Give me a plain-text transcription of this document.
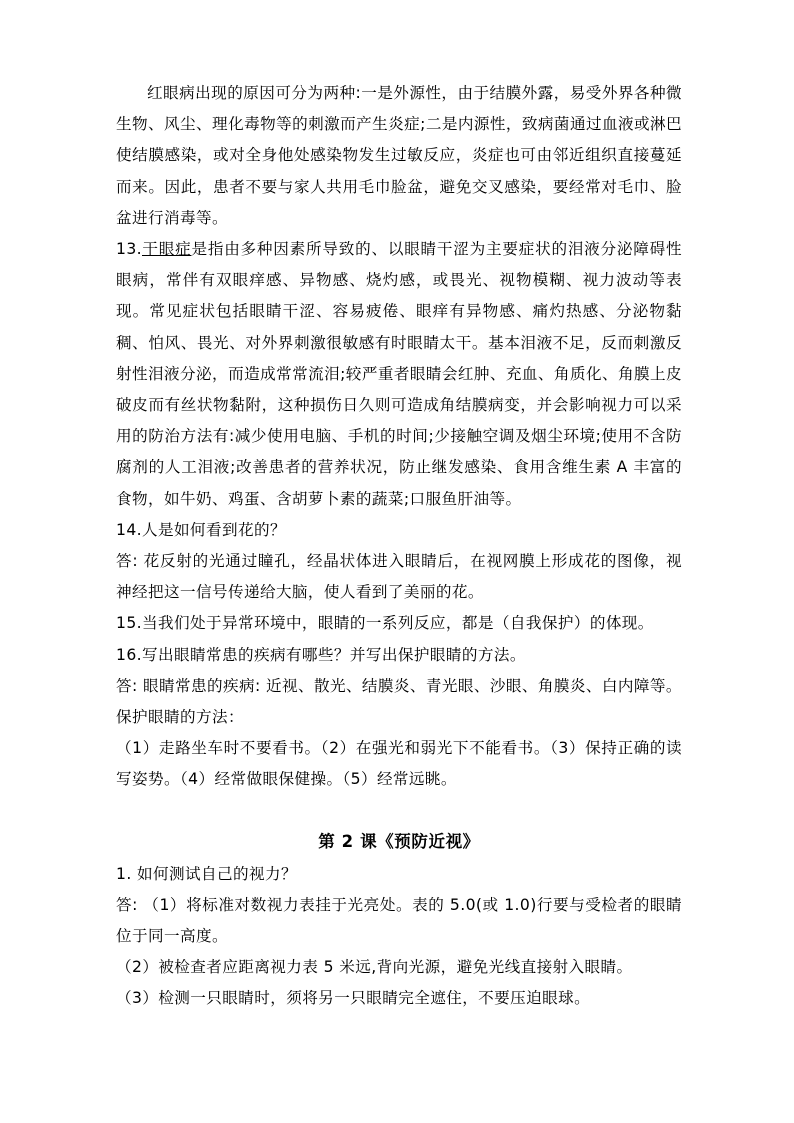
红眼病出现的原因可分为两种:一是外源性，由于结膜外露，易受外界各种微生物、风尘、理化毒物等的刺激而产生炎症;二是内源性，致病菌通过血液或淋巴使结膜感染，或对全身他处感染物发生过敏反应，炎症也可由邻近组织直接蔓延而来。因此，患者不要与家人共用毛巾脸盆，避免交叉感染，要经常对毛巾、脸盆进行消毒等。

13.干眼症是指由多种因素所导致的、以眼睛干涩为主要症状的泪液分泌障碍性眼病，常伴有双眼痒感、异物感、烧灼感，或畏光、视物模糊、视力波动等表现。常见症状包括眼睛干涩、容易疲倦、眼痒有异物感、痛灼热感、分泌物黏稠、怕风、畏光、对外界刺激很敏感有时眼睛太干。基本泪液不足，反而刺激反射性泪液分泌，而造成常常流泪;较严重者眼睛会红肿、充血、角质化、角膜上皮破皮而有丝状物黏附，这种损伤日久则可造成角结膜病变，并会影响视力可以采用的防治方法有:减少使用电脑、手机的时间;少接触空调及烟尘环境;使用不含防腐剂的人工泪液;改善患者的营养状况，防止继发感染、食用含维生素 A 丰富的食物，如牛奶、鸡蛋、含胡萝卜素的蔬菜;口服鱼肝油等。

14.人是如何看到花的？

答: 花反射的光通过瞳孔，经晶状体进入眼睛后，在视网膜上形成花的图像，视神经把这一信号传递给大脑，使人看到了美丽的花。

15.当我们处于异常环境中，眼睛的一系列反应，都是（自我保护）的体现。

16.写出眼睛常患的疾病有哪些？并写出保护眼睛的方法。

答: 眼睛常患的疾病: 近视、散光、结膜炎、青光眼、沙眼、角膜炎、白内障等。

保护眼睛的方法：

（1）走路坐车时不要看书。（2）在强光和弱光下不能看书。（3）保持正确的读写姿势。（4）经常做眼保健操。（5）经常远眺。

第 2 课《预防近视》

1. 如何测试自己的视力？

答: （1）将标准对数视力表挂于光亮处。表的 5.0(或 1.0)行要与受检者的眼睛位于同一高度。

（2）被检查者应距离视力表 5 米远,背向光源，避免光线直接射入眼睛。

（3）检测一只眼睛时，须将另一只眼睛完全遮住，不要压迫眼球。
